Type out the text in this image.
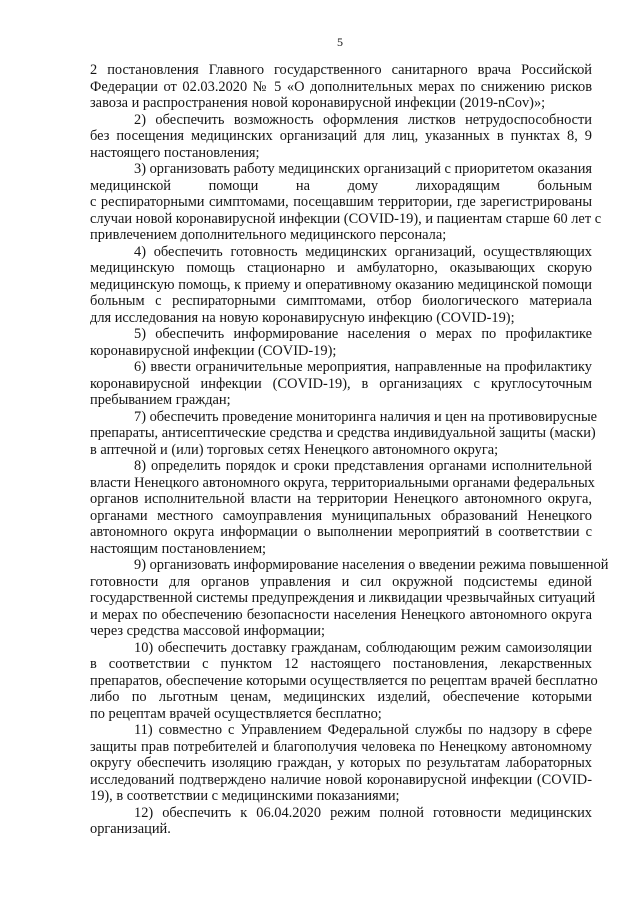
5
2 постановления Главного государственного санитарного врача Российской
Федерации от 02.03.2020 № 5 «О дополнительных мерах по снижению рисков
завоза и распространения новой коронавирусной инфекции (2019-nCov)»;
2) обеспечить возможность оформления листков нетрудоспособности
без посещения медицинских организаций для лиц, указанных в пунктах 8, 9
настоящего постановления;
3) организовать работу медицинских организаций с приоритетом оказания
медицинской помощи на дому лихорадящим больным
с респираторными симптомами, посещавшим территории, где зарегистрированы
случаи новой коронавирусной инфекции (COVID-19), и пациентам старше 60 лет с
привлечением дополнительного медицинского персонала;
4) обеспечить готовность медицинских организаций, осуществляющих
медицинскую помощь стационарно и амбулаторно, оказывающих скорую
медицинскую помощь, к приему и оперативному оказанию медицинской помощи
больным с респираторными симптомами, отбор биологического материала
для исследования на новую коронавирусную инфекцию (COVID-19);
5) обеспечить информирование населения о мерах по профилактике
коронавирусной инфекции (COVID-19);
6) ввести ограничительные мероприятия, направленные на профилактику
коронавирусной инфекции (COVID-19), в организациях с круглосуточным
пребыванием граждан;
7) обеспечить проведение мониторинга наличия и цен на противовирусные
препараты, антисептические средства и средства индивидуальной защиты (маски)
в аптечной и (или) торговых сетях Ненецкого автономного округа;
8) определить порядок и сроки представления органами исполнительной
власти Ненецкого автономного округа, территориальными органами федеральных
органов исполнительной власти на территории Ненецкого автономного округа,
органами местного самоуправления муниципальных образований Ненецкого
автономного округа информации о выполнении мероприятий в соответствии с
настоящим постановлением;
9) организовать информирование населения о введении режима повышенной
готовности для органов управления и сил окружной подсистемы единой
государственной системы предупреждения и ликвидации чрезвычайных ситуаций
и мерах по обеспечению безопасности населения Ненецкого автономного округа
через средства массовой информации;
10) обеспечить доставку гражданам, соблюдающим режим самоизоляции
в соответствии с пунктом 12 настоящего постановления, лекарственных
препаратов, обеспечение которыми осуществляется по рецептам врачей бесплатно
либо по льготным ценам, медицинских изделий, обеспечение которыми
по рецептам врачей осуществляется бесплатно;
11) совместно с Управлением Федеральной службы по надзору в сфере
защиты прав потребителей и благополучия человека по Ненецкому автономному
округу обеспечить изоляцию граждан, у которых по результатам лабораторных
исследований подтверждено наличие новой коронавирусной инфекции (COVID-
19), в соответствии с медицинскими показаниями;
12) обеспечить к 06.04.2020 режим полной готовности медицинских
организаций.
